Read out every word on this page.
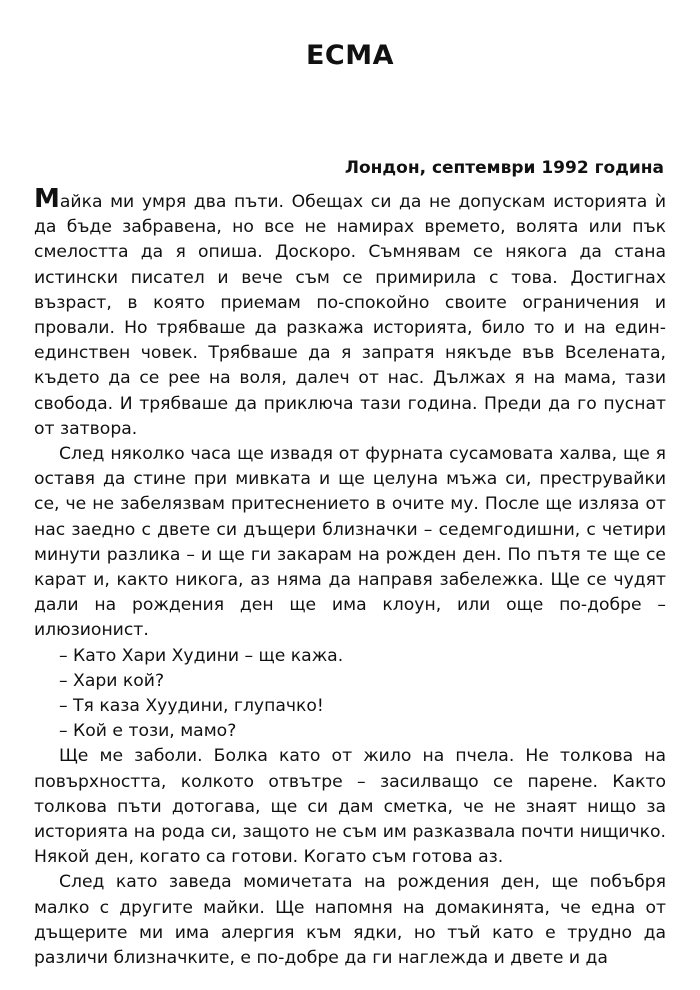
ЕСМА
Лондон, септември 1992 година

Майка ми умря два пъти. Обещах си да не допускам историята ѝ да бъде забравена, но все не намирах времето, волята или пък смелостта да я опиша. Доскоро. Съмнявам се някога да стана истински писател и вече съм се примирила с това. Достигнах възраст, в която приемам по-спокойно своите ограничения и провали. Но трябваше да разкажа историята, било то и на един-единствен човек. Трябваше да я запратя някъде във Вселената, където да се рее на воля, далеч от нас. Дължах я на мама, тази свобода. И трябваше да приключа тази година. Преди да го пуснат от затвора.

След няколко часа ще извадя от фурната сусамовата халва, ще я оставя да стине при мивката и ще целуна мъжа си, преструвайки се, че не забелязвам притеснението в очите му. После ще изляза от нас заедно с двете си дъщери близначки – седемгодишни, с четири минути разлика – и ще ги закарам на рожден ден. По пътя те ще се карат и, както никога, аз няма да направя забележка. Ще се чудят дали на рождения ден ще има клоун, или още по-добре – илюзионист.

– Като Хари Худини – ще кажа.

– Хари кой?

– Тя каза Хуудини, глупачко!

– Кой е този, мамо?

Ще ме заболи. Болка като от жило на пчела. Не толкова на повърхността, колкото отвътре – засилващо се парене. Както толкова пъти дотогава, ще си дам сметка, че не знаят нищо за историята на рода си, защото не съм им разказвала почти нищичко. Някой ден, когато са готови. Когато съм готова аз.

След като заведа момичетата на рождения ден, ще побъбря малко с другите майки. Ще напомня на домакинята, че една от дъщерите ми има алергия към ядки, но тъй като е трудно да различи близначките, е по-добре да ги наглежда и двете и да
